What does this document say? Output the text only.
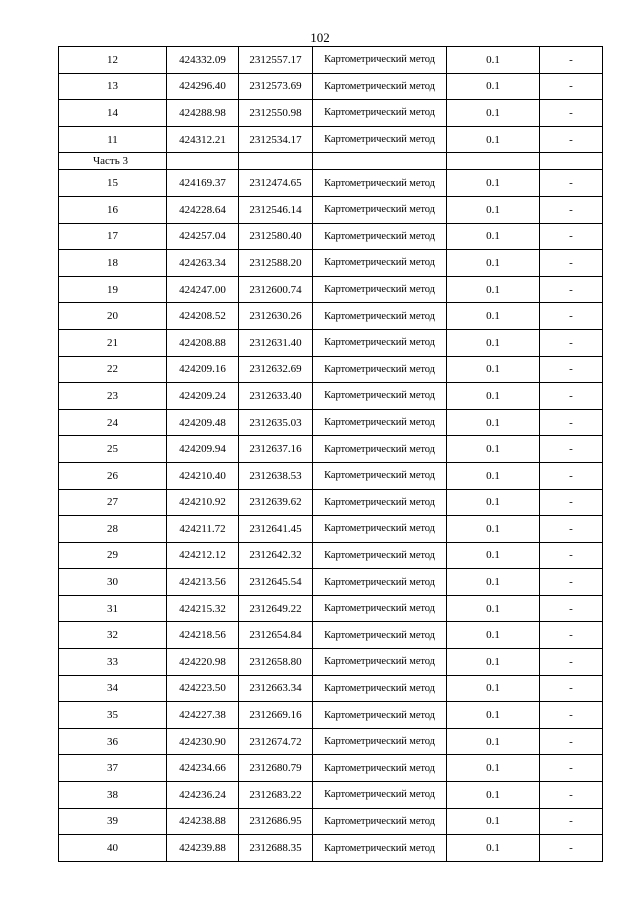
102
12	424332.09	2312557.17	Картометрический метод	0.1	-
13	424296.40	2312573.69	Картометрический метод	0.1	-
14	424288.98	2312550.98	Картометрический метод	0.1	-
11	424312.21	2312534.17	Картометрический метод	0.1	-
Часть 3					
15	424169.37	2312474.65	Картометрический метод	0.1	-
16	424228.64	2312546.14	Картометрический метод	0.1	-
17	424257.04	2312580.40	Картометрический метод	0.1	-
18	424263.34	2312588.20	Картометрический метод	0.1	-
19	424247.00	2312600.74	Картометрический метод	0.1	-
20	424208.52	2312630.26	Картометрический метод	0.1	-
21	424208.88	2312631.40	Картометрический метод	0.1	-
22	424209.16	2312632.69	Картометрический метод	0.1	-
23	424209.24	2312633.40	Картометрический метод	0.1	-
24	424209.48	2312635.03	Картометрический метод	0.1	-
25	424209.94	2312637.16	Картометрический метод	0.1	-
26	424210.40	2312638.53	Картометрический метод	0.1	-
27	424210.92	2312639.62	Картометрический метод	0.1	-
28	424211.72	2312641.45	Картометрический метод	0.1	-
29	424212.12	2312642.32	Картометрический метод	0.1	-
30	424213.56	2312645.54	Картометрический метод	0.1	-
31	424215.32	2312649.22	Картометрический метод	0.1	-
32	424218.56	2312654.84	Картометрический метод	0.1	-
33	424220.98	2312658.80	Картометрический метод	0.1	-
34	424223.50	2312663.34	Картометрический метод	0.1	-
35	424227.38	2312669.16	Картометрический метод	0.1	-
36	424230.90	2312674.72	Картометрический метод	0.1	-
37	424234.66	2312680.79	Картометрический метод	0.1	-
38	424236.24	2312683.22	Картометрический метод	0.1	-
39	424238.88	2312686.95	Картометрический метод	0.1	-
40	424239.88	2312688.35	Картометрический метод	0.1	-
